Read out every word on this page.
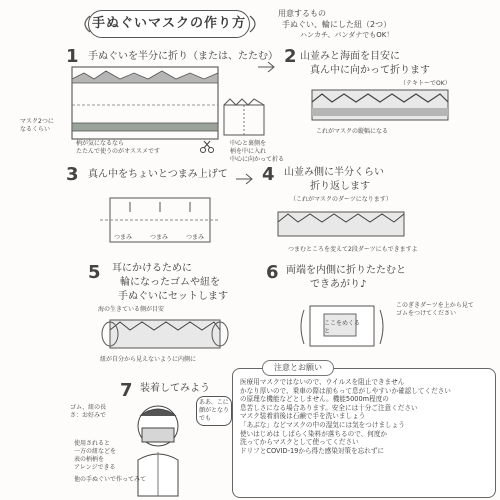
手ぬぐいマスクの作り方
用意するもの
手ぬぐい、輪にした紐（2つ）
ハンカチ、バンダナでもOK！
1 手ぬぐいを半分に折り（または、たたむ）
マスク2つになるくらい
柄が気になるなら
たたんで使うのがオススメです
中心と裏側を
柄を中に入れ
中心に向かって折る
2 山並みと海面を目安に
真ん中に向かって折ります
（テキトーでOK）
これがマスクの縦幅になる
3 真ん中をちょいとつまみ上げて
つまみ	つまみ	つまみ
4 山並み側に半分くらい
折り返します
（これがマスクのダーツになります）
つまむところを変えて2段ダーツにもできますよ
5 耳にかけるために
輪になったゴムや紐を
手ぬぐいにセットします
海の生きている側が目安
紐が自分から見えないように内側に
6 両端を内側に折りたたむと
できあがり♪
ここをめくると
このぎきダーツを上から見てゴムをつけてください
7 装着してみよう
ああ、こに顔がとなりでも
ゴム、紐の長さ：お好みで
使用されると
一方の紐などを
表の柄柄を
アレンジできる
他の手ぬぐいで作ってみて
注意とお願い
医療用マスクではないので、ウイルスを阻止できません
かなり厚いので、乗車の際は前もって息がしやすいか確認してください
の原理な機能などとしません。機能5000m程度の
息苦しさになる場合あります。安全には十分ご注意ください
マスク装着前後は石鹸で手を洗いましょう
「あぶな」などマスクの中の湿気には気をつけましょう
使いはじめは しばらく染料が落ちるので、何度か
洗ってからマスクとして使ってください
ドリフとCOVID-19から得た感染対策を忘れずに
